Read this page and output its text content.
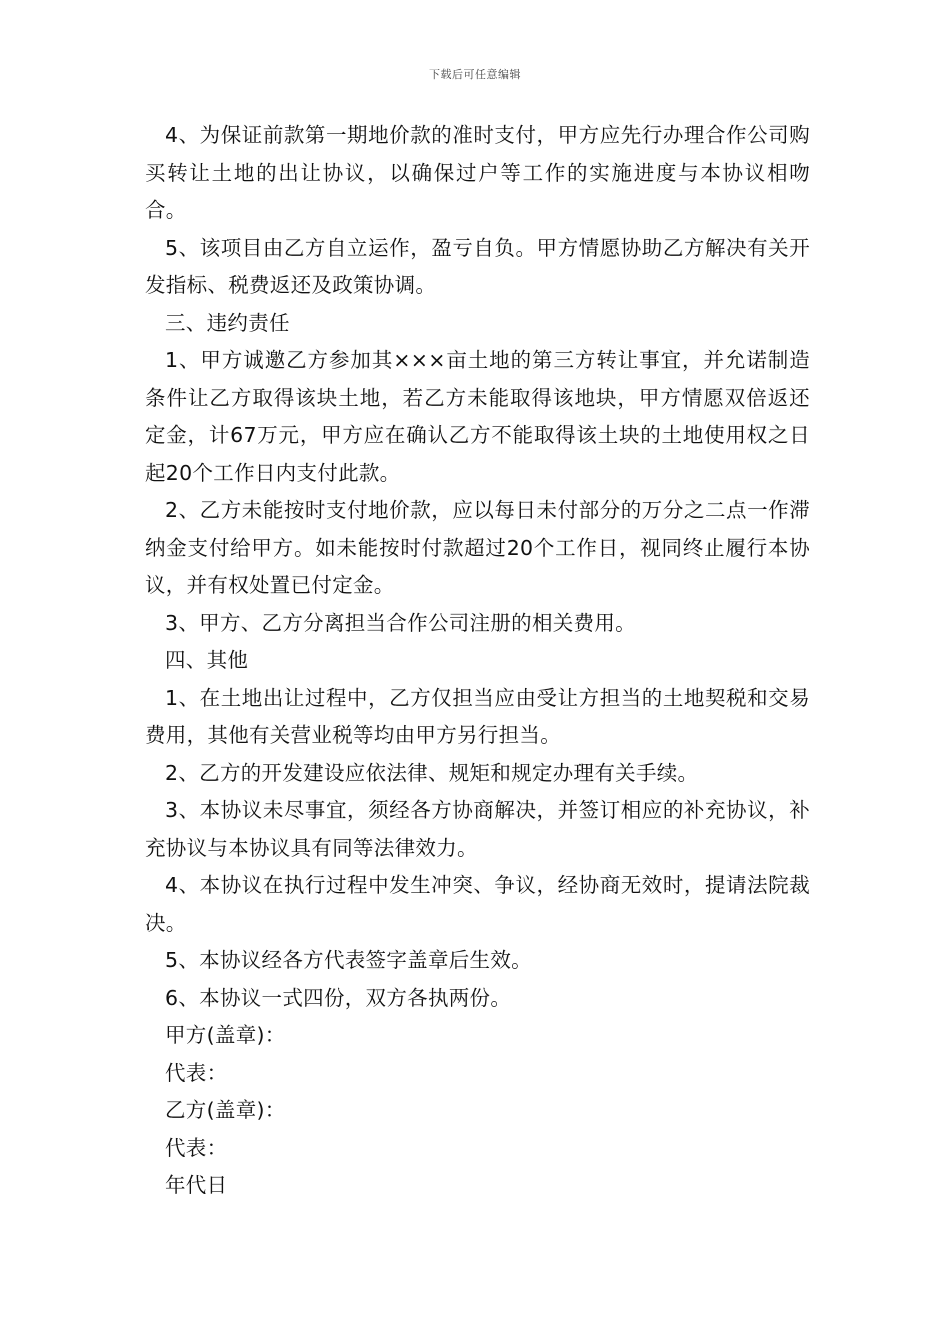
下载后可任意编辑

4、为保证前款第一期地价款的准时支付，甲方应先行办理合作公司购买转让土地的出让协议，以确保过户等工作的实施进度与本协议相吻合。

5、该项目由乙方自立运作，盈亏自负。甲方情愿协助乙方解决有关开发指标、税费返还及政策协调。

三、违约责任

1、甲方诚邀乙方参加其×××亩土地的第三方转让事宜，并允诺制造条件让乙方取得该块土地，若乙方未能取得该地块，甲方情愿双倍返还定金，计67万元，甲方应在确认乙方不能取得该土块的土地使用权之日起20个工作日内支付此款。

2、乙方未能按时支付地价款，应以每日未付部分的万分之二点一作滞纳金支付给甲方。如未能按时付款超过20个工作日，视同终止履行本协议，并有权处置已付定金。

3、甲方、乙方分离担当合作公司注册的相关费用。

四、其他

1、在土地出让过程中，乙方仅担当应由受让方担当的土地契税和交易费用，其他有关营业税等均由甲方另行担当。

2、乙方的开发建设应依法律、规矩和规定办理有关手续。

3、本协议未尽事宜，须经各方协商解决，并签订相应的补充协议，补充协议与本协议具有同等法律效力。

4、本协议在执行过程中发生冲突、争议，经协商无效时，提请法院裁决。

5、本协议经各方代表签字盖章后生效。

6、本协议一式四份，双方各执两份。

甲方(盖章)：

代表：

乙方(盖章)：

代表：

年代日
